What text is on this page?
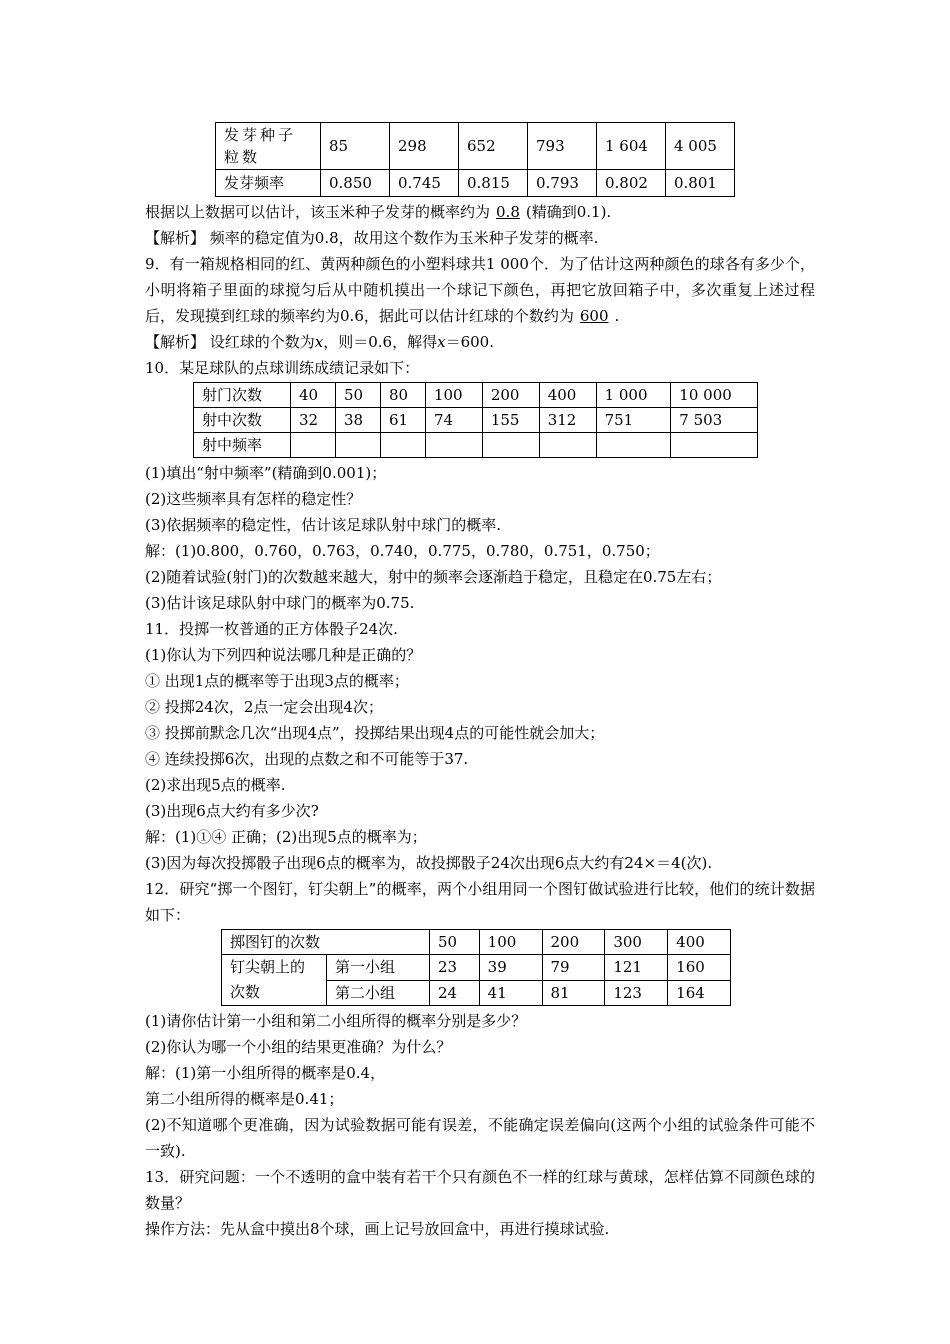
发芽种子粒数	85	298	652	793	1 604	4 005
发芽频率	0.850	0.745	0.815	0.793	0.802	0.801
根据以上数据可以估计，该玉米种子发芽的概率约为 0.8 (精确到0.1).
【解析】 频率的稳定值为0.8，故用这个数作为玉米种子发芽的概率.
9．有一箱规格相同的红、黄两种颜色的小塑料球共1 000个．为了估计这两种颜色的球各有多少个，小明将箱子里面的球搅匀后从中随机摸出一个球记下颜色，再把它放回箱子中，多次重复上述过程后，发现摸到红球的频率约为0.6，据此可以估计红球的个数约为 600 .
【解析】 设红球的个数为x，则＝0.6，解得x＝600.
10．某足球队的点球训练成绩记录如下：
射门次数	40	50	80	100	200	400	1 000	10 000
射中次数	32	38	61	74	155	312	751	7 503
射中频率								
(1)填出“射中频率”(精确到0.001)；
(2)这些频率具有怎样的稳定性？
(3)依据频率的稳定性，估计该足球队射中球门的概率.
解：(1)0.800，0.760，0.763，0.740，0.775，0.780，0.751，0.750；
(2)随着试验(射门)的次数越来越大，射中的频率会逐渐趋于稳定，且稳定在0.75左右；
(3)估计该足球队射中球门的概率为0.75.
11．投掷一枚普通的正方体骰子24次.
(1)你认为下列四种说法哪几种是正确的？
① 出现1点的概率等于出现3点的概率；
② 投掷24次，2点一定会出现4次；
③ 投掷前默念几次“出现4点”，投掷结果出现4点的可能性就会加大；
④ 连续投掷6次，出现的点数之和不可能等于37.
(2)求出现5点的概率.
(3)出现6点大约有多少次?
解：(1)①④ 正确；(2)出现5点的概率为；
(3)因为每次投掷骰子出现6点的概率为，故投掷骰子24次出现6点大约有24×＝4(次).
12．研究“掷一个图钉，钉尖朝上”的概率，两个小组用同一个图钉做试验进行比较，他们的统计数据如下：
掷图钉的次数		50	100	200	300	400
钉尖朝上的次数	第一小组	23	39	79	121	160
	第二小组	24	41	81	123	164
(1)请你估计第一小组和第二小组所得的概率分别是多少？
(2)你认为哪一个小组的结果更准确？为什么？
解：(1)第一小组所得的概率是0.4，
第二小组所得的概率是0.41；
(2)不知道哪个更准确，因为试验数据可能有误差，不能确定误差偏向(这两个小组的试验条件可能不一致).
13．研究问题：一个不透明的盒中装有若干个只有颜色不一样的红球与黄球，怎样估算不同颜色球的数量？
操作方法：先从盒中摸出8个球，画上记号放回盒中，再进行摸球试验.
